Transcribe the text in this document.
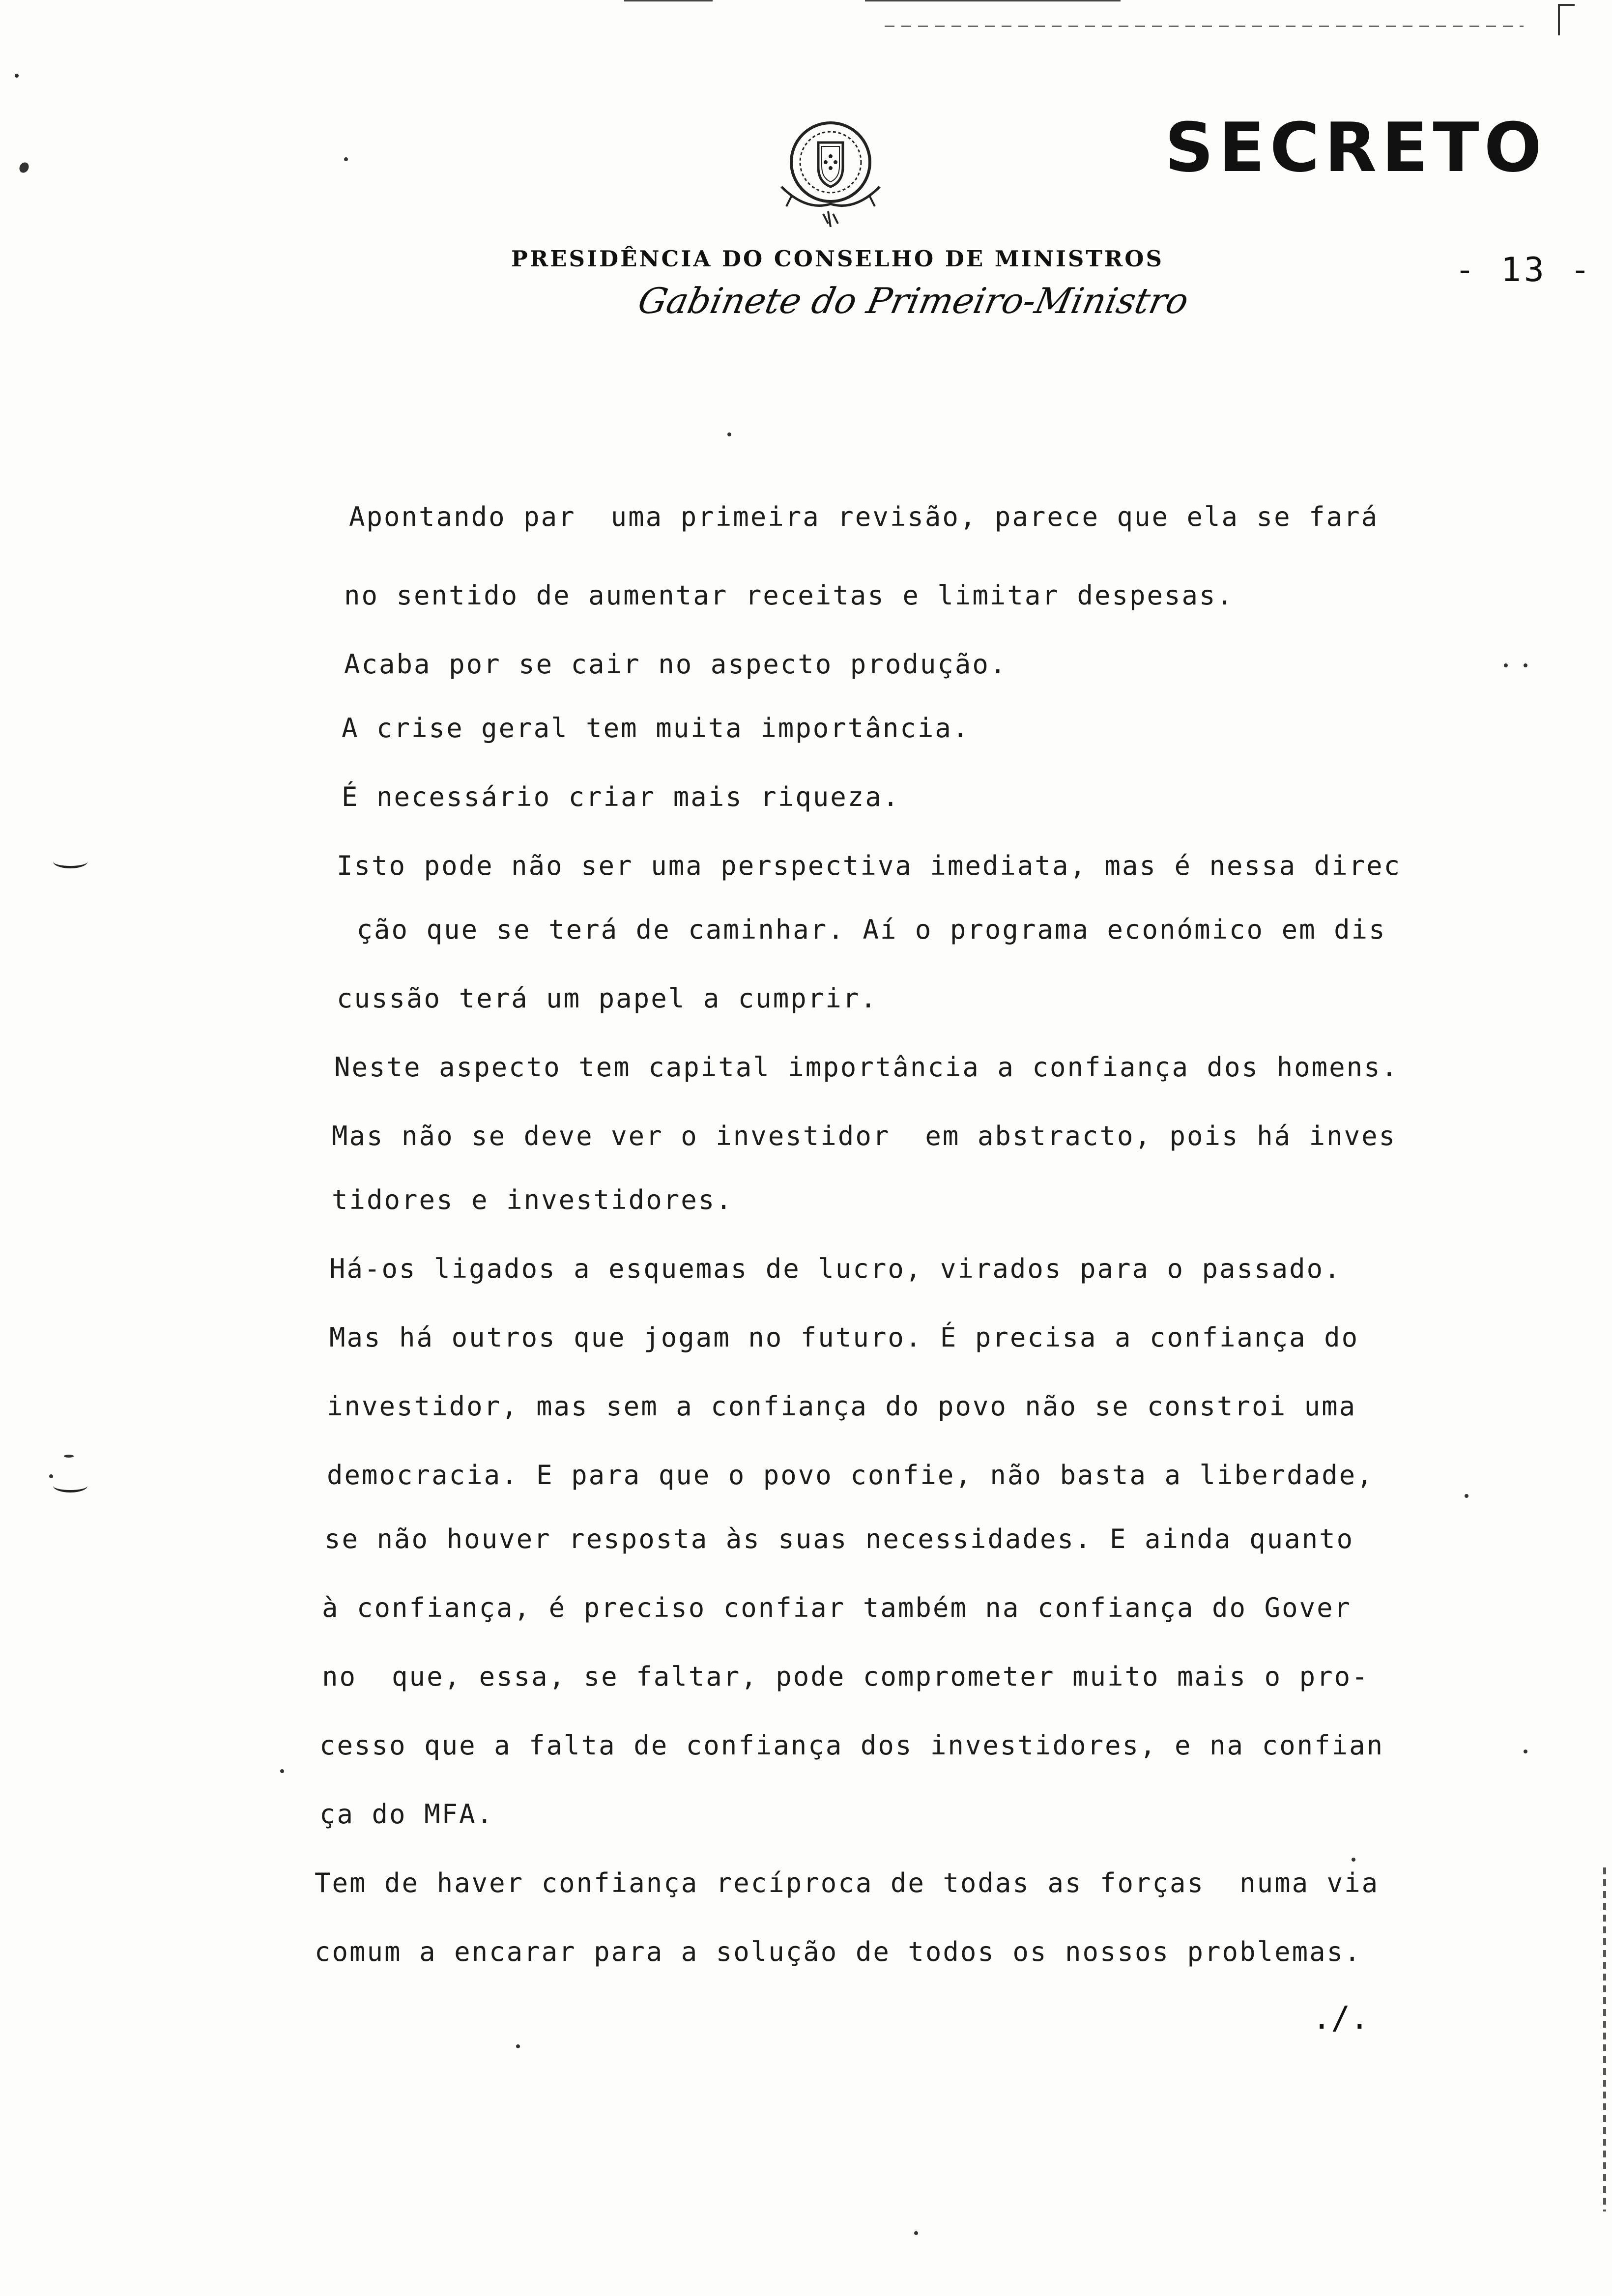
SECRETO
PRESIDÊNCIA DO CONSELHO DE MINISTROS
Gabinete do Primeiro-Ministro
- 13 -
Apontando par  uma primeira revisão, parece que ela se fará
no sentido de aumentar receitas e limitar despesas.
Acaba por se cair no aspecto produção.
A crise geral tem muita importância.
É necessário criar mais riqueza.
Isto pode não ser uma perspectiva imediata, mas é nessa direc
ção que se terá de caminhar. Aí o programa económico em dis
cussão terá um papel a cumprir.
Neste aspecto tem capital importância a confiança dos homens.
Mas não se deve ver o investidor  em abstracto, pois há inves
tidores e investidores.
Há-os ligados a esquemas de lucro, virados para o passado.
Mas há outros que jogam no futuro. É precisa a confiança do
investidor, mas sem a confiança do povo não se constroi uma
democracia. E para que o povo confie, não basta a liberdade,
se não houver resposta às suas necessidades. E ainda quanto
à confiança, é preciso confiar também na confiança do Gover
no  que, essa, se faltar, pode comprometer muito mais o pro-
cesso que a falta de confiança dos investidores, e na confian
ça do MFA.
Tem de haver confiança recíproca de todas as forças  numa via
comum a encarar para a solução de todos os nossos problemas.
./.
